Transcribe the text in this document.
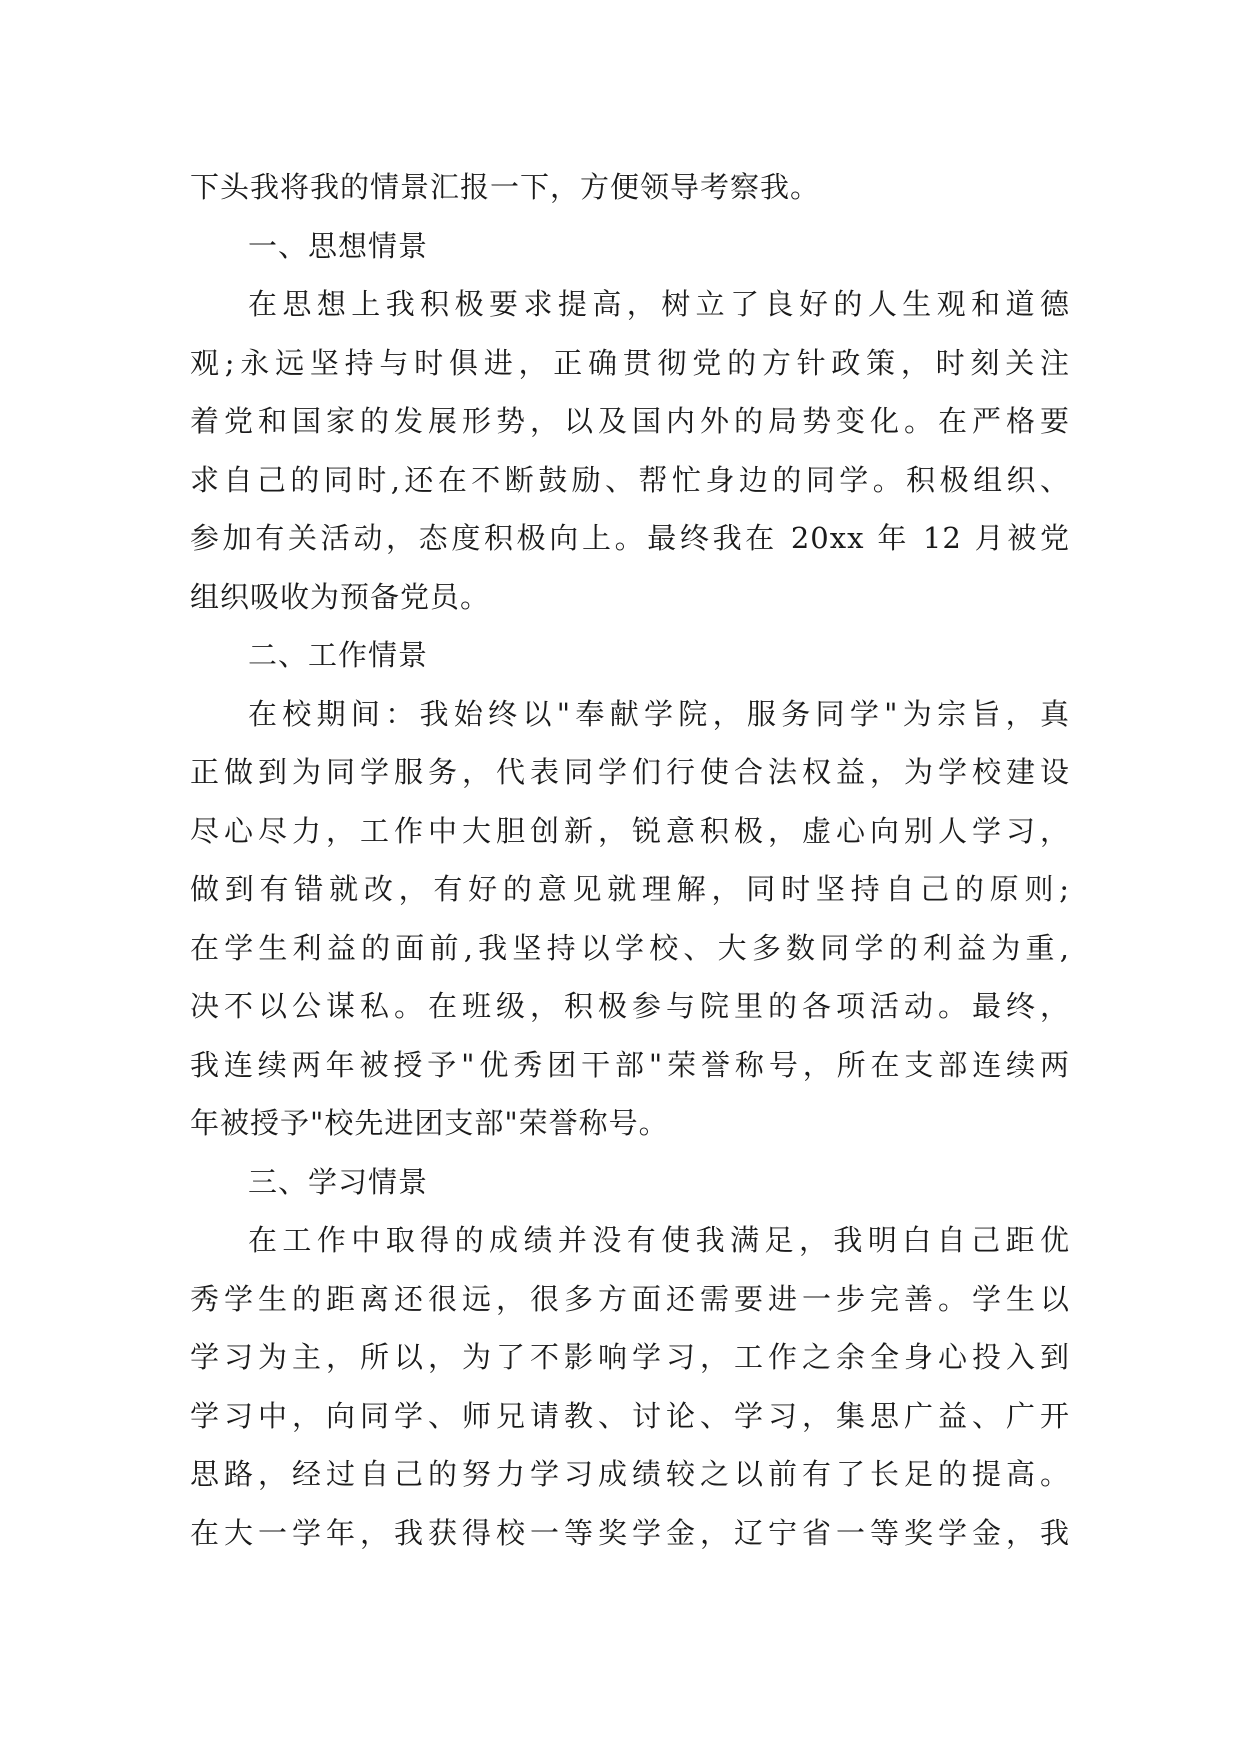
下头我将我的情景汇报一下，方便领导考察我。
一、思想情景
在思想上我积极要求提高，树立了良好的人生观和道德
观;永远坚持与时俱进，正确贯彻党的方针政策，时刻关注
着党和国家的发展形势，以及国内外的局势变化。在严格要
求自己的同时,还在不断鼓励、帮忙身边的同学。积极组织、
参加有关活动，态度积极向上。最终我在 20xx 年 12 月被党
组织吸收为预备党员。
二、工作情景
在校期间：我始终以"奉献学院，服务同学"为宗旨，真
正做到为同学服务，代表同学们行使合法权益，为学校建设
尽心尽力，工作中大胆创新，锐意积极，虚心向别人学习，
做到有错就改，有好的意见就理解，同时坚持自己的原则;
在学生利益的面前,我坚持以学校、大多数同学的利益为重,
决不以公谋私。在班级，积极参与院里的各项活动。最终，
我连续两年被授予"优秀团干部"荣誉称号，所在支部连续两
年被授予"校先进团支部"荣誉称号。
三、学习情景
在工作中取得的成绩并没有使我满足，我明白自己距优
秀学生的距离还很远，很多方面还需要进一步完善。学生以
学习为主，所以，为了不影响学习，工作之余全身心投入到
学习中，向同学、师兄请教、讨论、学习，集思广益、广开
思路，经过自己的努力学习成绩较之以前有了长足的提高。
在大一学年，我获得校一等奖学金，辽宁省一等奖学金，我
